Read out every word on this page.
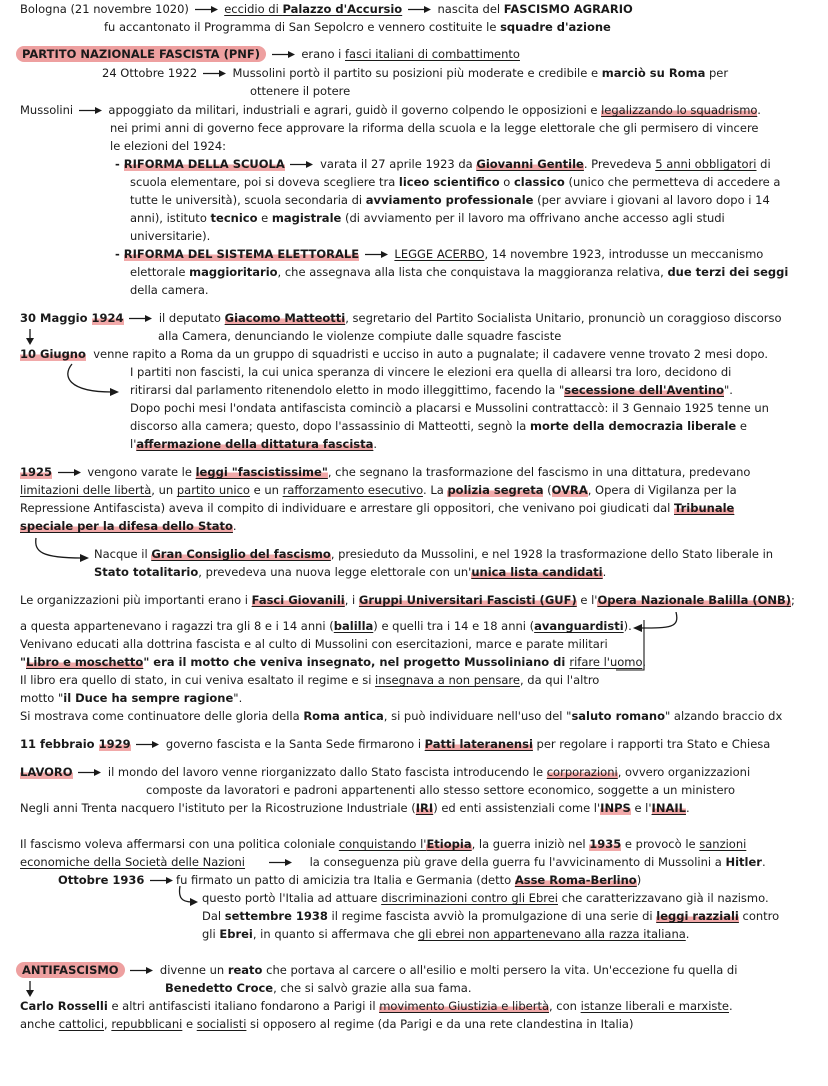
Bologna (21 novembre 1020)	eccidio di Palazzo d'Accursio	nascita del FASCISMO AGRARIO
fu accantonato il Programma di San Sepolcro e vennero costituite le squadre d'azione
PARTITO NAZIONALE FASCISTA (PNF)	erano i fasci italiani di combattimento
24 Ottobre 1922	Mussolini portò il partito su posizioni più moderate e credibile e marciò su Roma per
ottenere il potere
Mussolini	appoggiato da militari, industriali e agrari, guidò il governo colpendo le opposizioni e legalizzando lo squadrismo.
nei primi anni di governo fece approvare la riforma della scuola e la legge elettorale che gli permisero di vincere
le elezioni del 1924:
- RIFORMA DELLA SCUOLA	varata il 27 aprile 1923 da Giovanni Gentile. Prevedeva 5 anni obbligatori di
scuola elementare, poi si doveva scegliere tra liceo scientifico o classico (unico che permetteva di accedere a
tutte le università), scuola secondaria di avviamento professionale (per avviare i giovani al lavoro dopo i 14
anni), istituto tecnico e magistrale (di avviamento per il lavoro ma offrivano anche accesso agli studi
universitarie).
- RIFORMA DEL SISTEMA ELETTORALE	LEGGE ACERBO, 14 novembre 1923, introdusse un meccanismo
elettorale maggioritario, che assegnava alla lista che conquistava la maggioranza relativa, due terzi dei seggi
della camera.
30 Maggio 1924	il deputato Giacomo Matteotti, segretario del Partito Socialista Unitario, pronunciò un coraggioso discorso
alla Camera, denunciando le violenze compiute dalle squadre fasciste
10 Giugno venne rapito a Roma da un gruppo di squadristi e ucciso in auto a pugnalate; il cadavere venne trovato 2 mesi dopo.
I partiti non fascisti, la cui unica speranza di vincere le elezioni era quella di allearsi tra loro, decidono di
ritirarsi dal parlamento ritenendolo eletto in modo illeggittimo, facendo la "secessione dell'Aventino".
Dopo pochi mesi l'ondata antifascista cominciò a placarsi e Mussolini contrattaccò: il 3 Gennaio 1925 tenne un
discorso alla camera; questo, dopo l'assassinio di Matteotti, segnò la morte della democrazia liberale e
l'affermazione della dittatura fascista.
1925	vengono varate le leggi "fascistissime", che segnano la trasformazione del fascismo in una dittatura, predevano
limitazioni delle libertà, un partito unico e un rafforzamento esecutivo. La polizia segreta (OVRA, Opera di Vigilanza per la
Repressione Antifascista) aveva il compito di individuare e arrestare gli oppositori, che venivano poi giudicati dal Tribunale
speciale per la difesa dello Stato.
Nacque il Gran Consiglio del fascismo, presieduto da Mussolini, e nel 1928 la trasformazione dello Stato liberale in
Stato totalitario, prevedeva una nuova legge elettorale con un'unica lista candidati.
Le organizzazioni più importanti erano i Fasci Giovanili, i Gruppi Universitari Fascisti (GUF) e l'Opera Nazionale Balilla (ONB);
a questa appartenevano i ragazzi tra gli 8 e i 14 anni (balilla) e quelli tra i 14 e 18 anni (avanguardisti).
Venivano educati alla dottrina fascista e al culto di Mussolini con esercitazioni, marce e parate militari
"Libro e moschetto" era il motto che veniva insegnato, nel progetto Mussoliniano di rifare l'uomo.
Il libro era quello di stato, in cui veniva esaltato il regime e si insegnava a non pensare, da qui l'altro
motto "il Duce ha sempre ragione".
Si mostrava come continuatore delle gloria della Roma antica, si può individuare nell'uso del "saluto romano" alzando braccio dx
11 febbraio 1929	governo fascista e la Santa Sede firmarono i Patti lateranensi per regolare i rapporti tra Stato e Chiesa
LAVORO	il mondo del lavoro venne riorganizzato dallo Stato fascista introducendo le corporazioni, ovvero organizzazioni
composte da lavoratori e padroni appartenenti allo stesso settore economico, soggette a un ministero
Negli anni Trenta nacquero l'istituto per la Ricostruzione Industriale (IRI) ed enti assistenziali come l'INPS e l'INAIL.
Il fascismo voleva affermarsi con una politica coloniale conquistando l'Etiopia, la guerra iniziò nel 1935 e provocò le sanzioni
economiche della Società delle Nazioni	la conseguenza più grave della guerra fu l'avvicinamento di Mussolini a Hitler.
Ottobre 1936	fu firmato un patto di amicizia tra Italia e Germania (detto Asse Roma-Berlino)
questo portò l'Italia ad attuare discriminazioni contro gli Ebrei che caratterizzavano già il nazismo.
Dal settembre 1938 il regime fascista avviò la promulgazione di una serie di leggi razziali contro
gli Ebrei, in quanto si affermava che gli ebrei non appartenevano alla razza italiana.
ANTIFASCISMO	divenne un reato che portava al carcere o all'esilio e molti persero la vita. Un'eccezione fu quella di
Benedetto Croce, che si salvò grazie alla sua fama.
Carlo Rosselli e altri antifascisti italiano fondarono a Parigi il movimento Giustizia e libertà, con istanze liberali e marxiste.
anche cattolici, repubblicani e socialisti si opposero al regime (da Parigi e da una rete clandestina in Italia)
